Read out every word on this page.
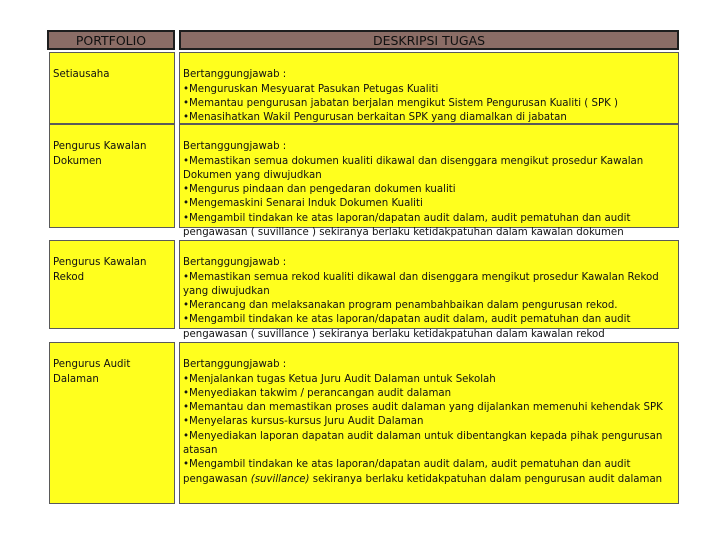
PORTFOLIO	DESKRIPSI TUGAS

Setiausaha	Bertanggungjawab :
•Menguruskan Mesyuarat Pasukan Petugas Kualiti
•Memantau pengurusan jabatan berjalan mengikut Sistem Pengurusan Kualiti ( SPK )
•Menasihatkan Wakil Pengurusan berkaitan SPK yang diamalkan di jabatan

Pengurus Kawalan
Dokumen

Bertanggungjawab :
•Memastikan semua dokumen kualiti dikawal dan disenggara mengikut prosedur Kawalan Dokumen yang diwujudkan
•Mengurus pindaan dan pengedaran dokumen kualiti
•Mengemaskini Senarai Induk Dokumen Kualiti
•Mengambil tindakan ke atas laporan/dapatan audit dalam, audit pematuhan dan audit pengawasan ( suvillance ) sekiranya berlaku ketidakpatuhan dalam kawalan dokumen

Pengurus Kawalan
Rekod

Bertanggungjawab :
•Memastikan semua rekod kualiti dikawal dan disenggara mengikut prosedur Kawalan Rekod yang diwujudkan
•Merancang dan melaksanakan program penambahbaikan dalam pengurusan rekod.
•Mengambil tindakan ke atas laporan/dapatan audit dalam, audit pematuhan dan audit pengawasan ( suvillance ) sekiranya berlaku ketidakpatuhan dalam kawalan rekod

Pengurus Audit
Dalaman

Bertanggungjawab :
•Menjalankan tugas Ketua Juru Audit Dalaman untuk Sekolah
•Menyediakan takwim / perancangan audit dalaman
•Memantau dan memastikan proses audit dalaman yang dijalankan memenuhi kehendak SPK
•Menyelaras kursus-kursus Juru Audit Dalaman
•Menyediakan laporan dapatan audit dalaman untuk dibentangkan kepada pihak pengurusan atasan
•Mengambil tindakan ke atas laporan/dapatan audit dalam, audit pematuhan dan audit pengawasan (suvillance) sekiranya berlaku ketidakpatuhan dalam pengurusan audit dalaman
